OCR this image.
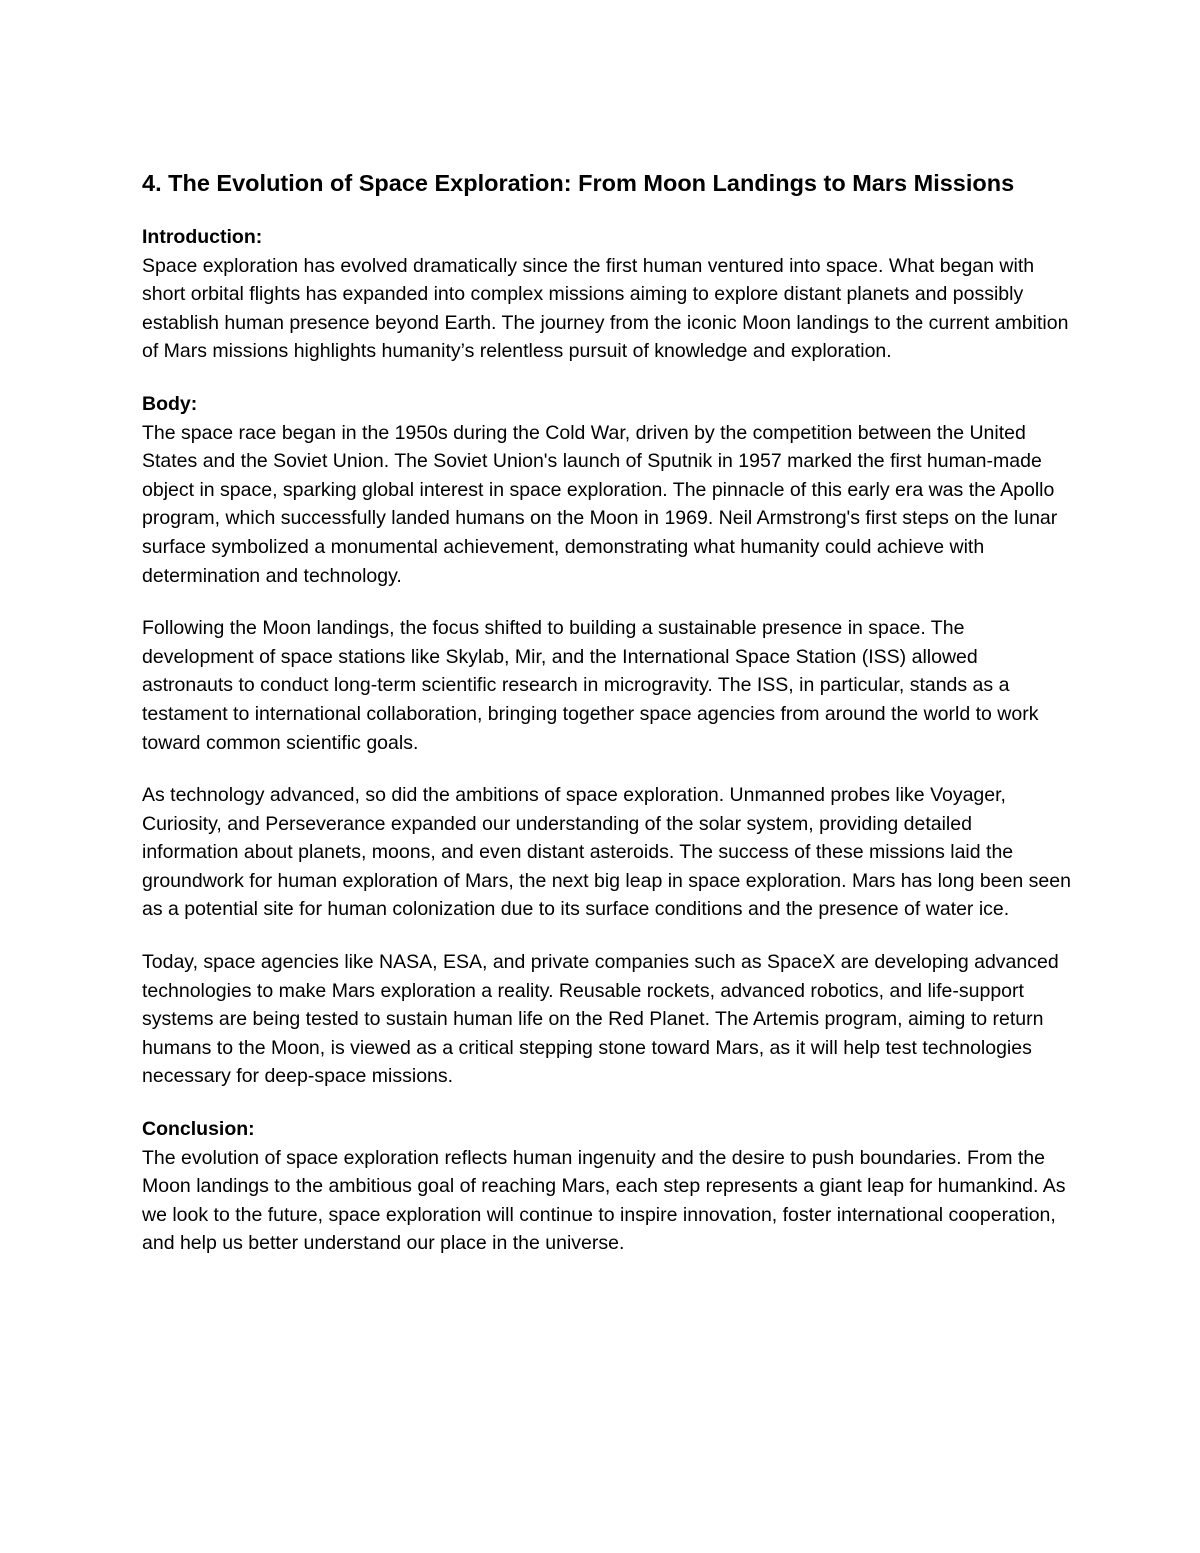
4. The Evolution of Space Exploration: From Moon Landings to Mars Missions
Introduction:

Space exploration has evolved dramatically since the first human ventured into space. What began with short orbital flights has expanded into complex missions aiming to explore distant planets and possibly establish human presence beyond Earth. The journey from the iconic Moon landings to the current ambition of Mars missions highlights humanity’s relentless pursuit of knowledge and exploration.

Body:

The space race began in the 1950s during the Cold War, driven by the competition between the United States and the Soviet Union. The Soviet Union's launch of Sputnik in 1957 marked the first human-made object in space, sparking global interest in space exploration. The pinnacle of this early era was the Apollo program, which successfully landed humans on the Moon in 1969. Neil Armstrong's first steps on the lunar surface symbolized a monumental achievement, demonstrating what humanity could achieve with determination and technology.

Following the Moon landings, the focus shifted to building a sustainable presence in space. The development of space stations like Skylab, Mir, and the International Space Station (ISS) allowed astronauts to conduct long-term scientific research in microgravity. The ISS, in particular, stands as a testament to international collaboration, bringing together space agencies from around the world to work toward common scientific goals.

As technology advanced, so did the ambitions of space exploration. Unmanned probes like Voyager, Curiosity, and Perseverance expanded our understanding of the solar system, providing detailed information about planets, moons, and even distant asteroids. The success of these missions laid the groundwork for human exploration of Mars, the next big leap in space exploration. Mars has long been seen as a potential site for human colonization due to its surface conditions and the presence of water ice.

Today, space agencies like NASA, ESA, and private companies such as SpaceX are developing advanced technologies to make Mars exploration a reality. Reusable rockets, advanced robotics, and life-support systems are being tested to sustain human life on the Red Planet. The Artemis program, aiming to return humans to the Moon, is viewed as a critical stepping stone toward Mars, as it will help test technologies necessary for deep-space missions.

Conclusion:

The evolution of space exploration reflects human ingenuity and the desire to push boundaries. From the Moon landings to the ambitious goal of reaching Mars, each step represents a giant leap for humankind. As we look to the future, space exploration will continue to inspire innovation, foster international cooperation, and help us better understand our place in the universe.
